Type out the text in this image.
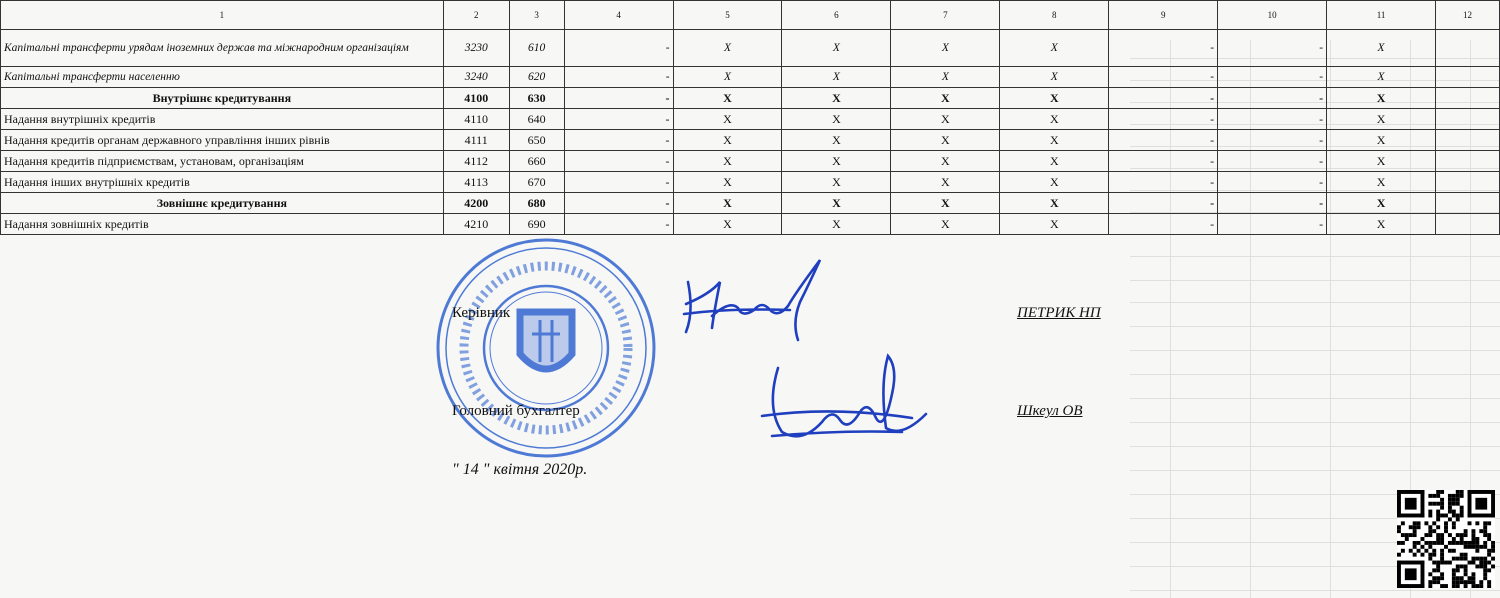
1	2	3	4	5	6	7	8	9	10	11	12
Капітальні трансферти урядам іноземних держав та міжнародним організаціям	3230	610	-	X	X	X	X	-	-	X	
Капітальні трансферти населенню	3240	620	-	X	X	X	X	-	-	X	
Внутрішнє кредитування	4100	630	-	X	X	X	X	-	-	X	
Надання внутрішніх кредитів	4110	640	-	X	X	X	X	-	-	X	
Надання кредитів органам державного управління інших рівнів	4111	650	-	X	X	X	X	-	-	X	
Надання кредитів підприємствам, установам, організаціям	4112	660	-	X	X	X	X	-	-	X	
Надання інших внутрішніх кредитів	4113	670	-	X	X	X	X	-	-	X	
Зовнішнє кредитування	4200	680	-	X	X	X	X	-	-	X	
Надання зовнішніх кредитів	4210	690	-	X	X	X	X	-	-	X	
Керівник	ПЕТРИК НП
Головний бухгалтер	Шкеул ОВ
" 14 " квітня 2020р.
